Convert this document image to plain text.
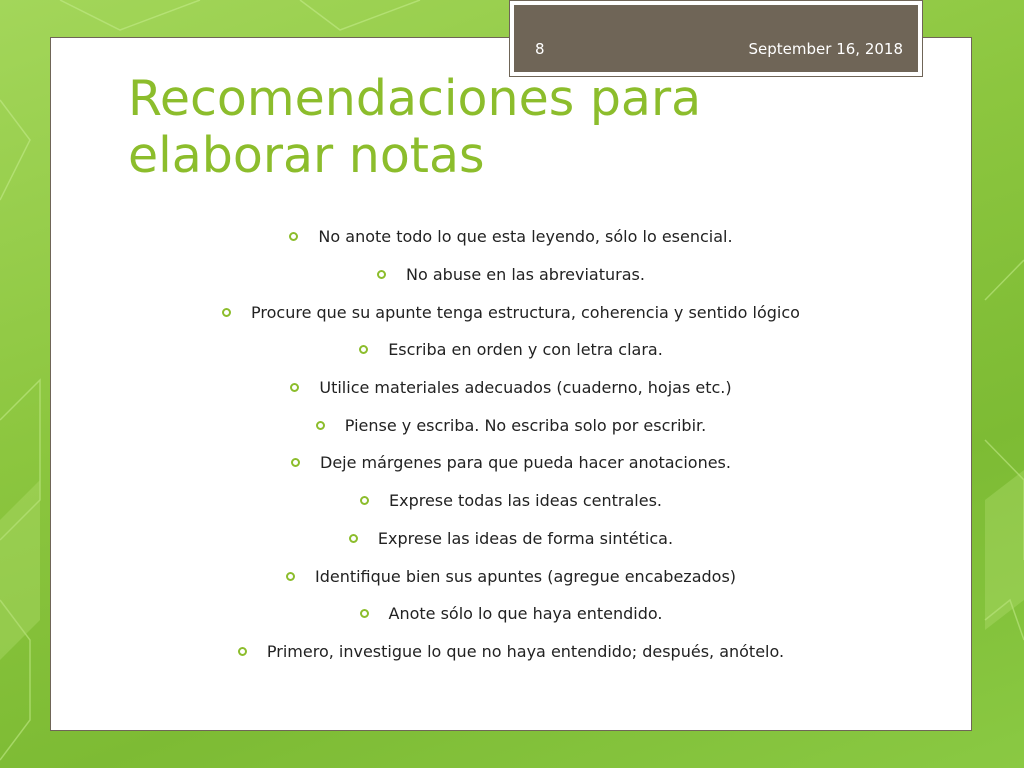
8	September 16, 2018
Recomendaciones para elaborar notas
No anote todo lo que esta leyendo, sólo lo esencial.
No abuse en las abreviaturas.
Procure que su apunte tenga estructura, coherencia y sentido lógico
Escriba en orden y con letra clara.
Utilice materiales adecuados (cuaderno, hojas etc.)
Piense y escriba. No escriba solo por escribir.
Deje márgenes para que pueda hacer anotaciones.
Exprese todas las ideas centrales.
Exprese las ideas de forma sintética.
Identifique bien sus apuntes (agregue encabezados)
Anote sólo lo que haya entendido.
Primero, investigue lo que no haya entendido; después, anótelo.
